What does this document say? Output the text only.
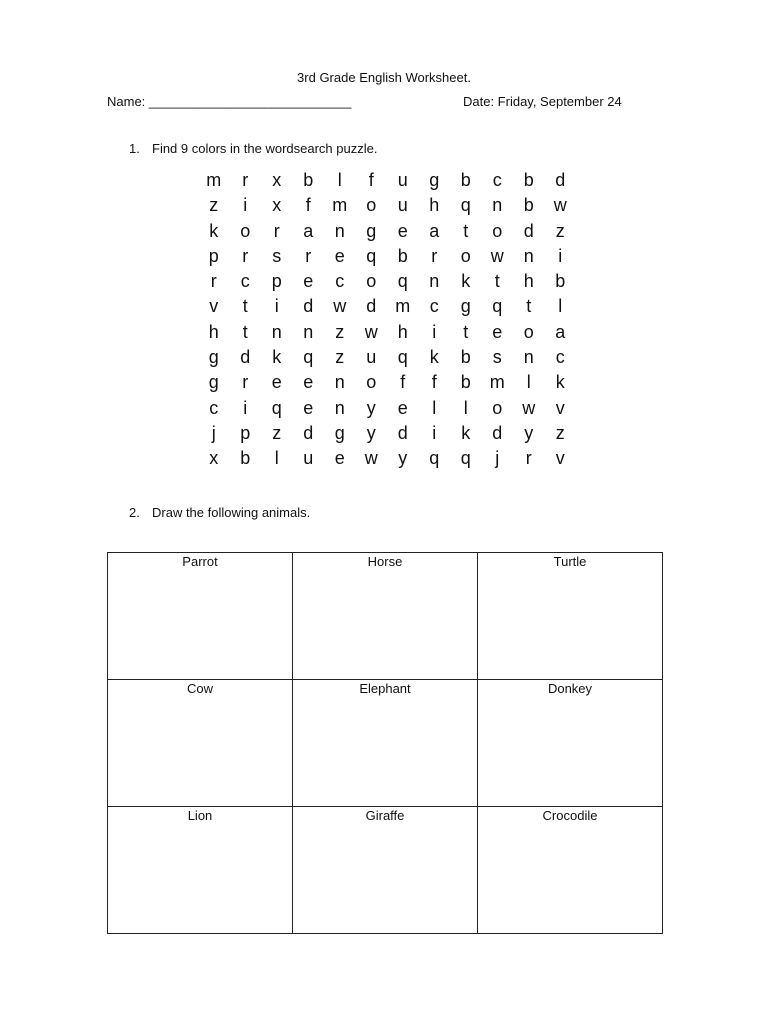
3rd Grade English Worksheet.
Name: ____________________________	Date: Friday, September 24
1. Find 9 colors in the wordsearch puzzle.
m	r	x	b	l	f	u	g	b	c	b	d
z	i	x	f	m	o	u	h	q	n	b	w
k	o	r	a	n	g	e	a	t	o	d	z
p	r	s	r	e	q	b	r	o	w	n	i
r	c	p	e	c	o	q	n	k	t	h	b
v	t	i	d	w	d	m	c	g	q	t	l
h	t	n	n	z	w	h	i	t	e	o	a
g	d	k	q	z	u	q	k	b	s	n	c
g	r	e	e	n	o	f	f	b	m	l	k
c	i	q	e	n	y	e	l	l	o	w	v
j	p	z	d	g	y	d	i	k	d	y	z
x	b	l	u	e	w	y	q	q	j	r	v
2. Draw the following animals.
Parrot	Horse	Turtle

Cow	Elephant	Donkey

Lion	Giraffe	Crocodile
